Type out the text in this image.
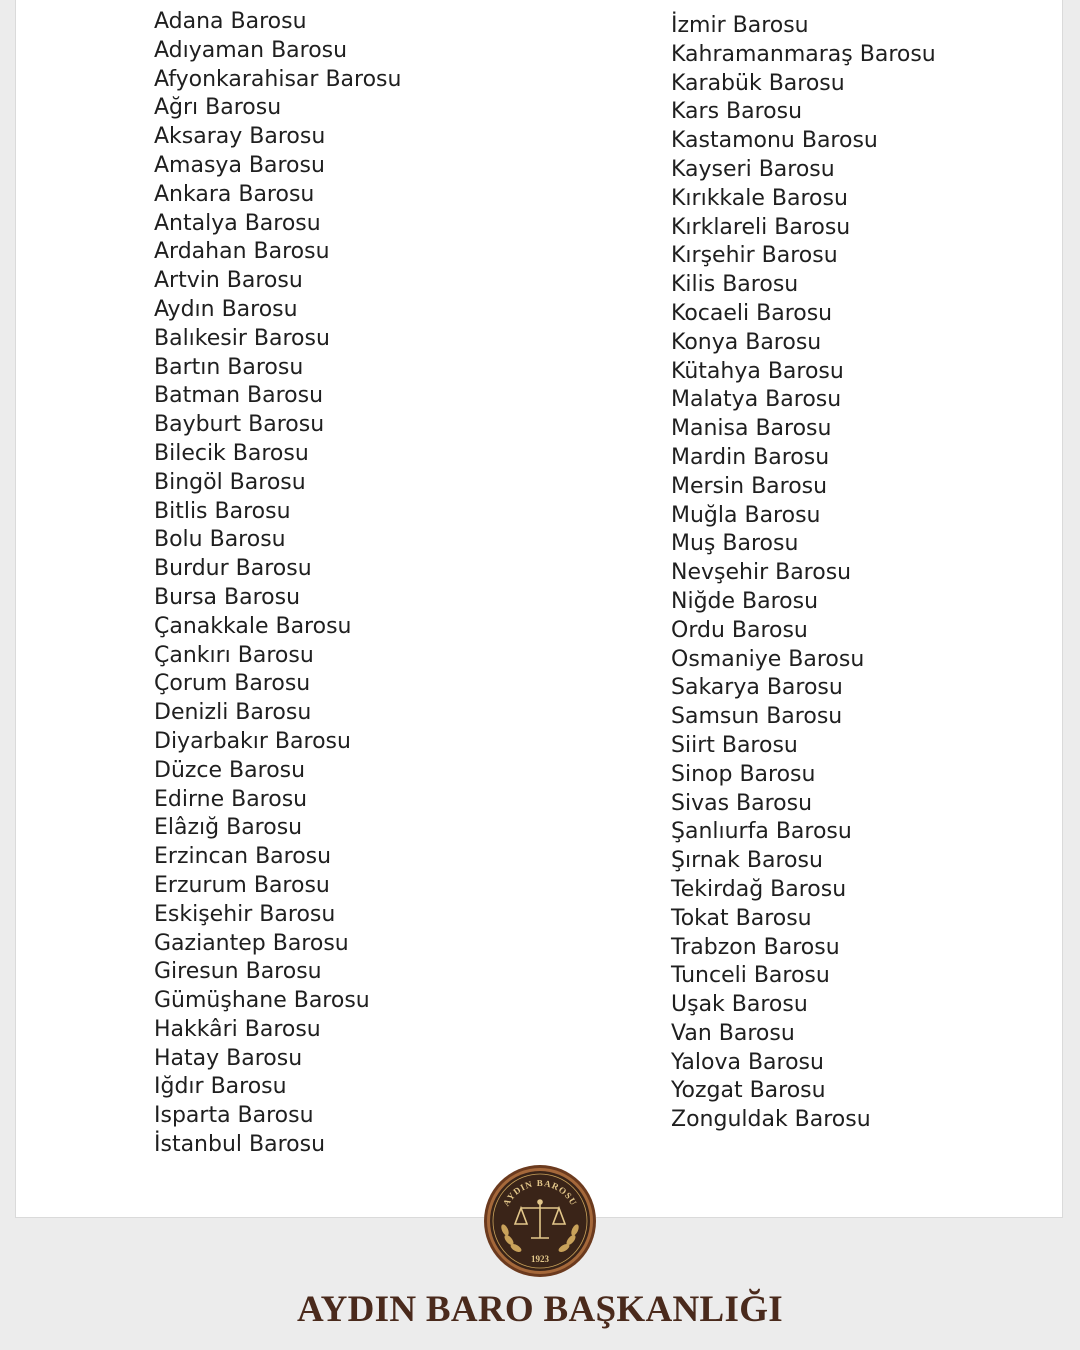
Adana Barosu
Adıyaman Barosu
Afyonkarahisar Barosu
Ağrı Barosu
Aksaray Barosu
Amasya Barosu
Ankara Barosu
Antalya Barosu
Ardahan Barosu
Artvin Barosu
Aydın Barosu
Balıkesir Barosu
Bartın Barosu
Batman Barosu
Bayburt Barosu
Bilecik Barosu
Bingöl Barosu
Bitlis Barosu
Bolu Barosu
Burdur Barosu
Bursa Barosu
Çanakkale Barosu
Çankırı Barosu
Çorum Barosu
Denizli Barosu
Diyarbakır Barosu
Düzce Barosu
Edirne Barosu
Elâzığ Barosu
Erzincan Barosu
Erzurum Barosu
Eskişehir Barosu
Gaziantep Barosu
Giresun Barosu
Gümüşhane Barosu
Hakkâri Barosu
Hatay Barosu
Iğdır Barosu
Isparta Barosu
İstanbul Barosu
İzmir Barosu
Kahramanmaraş Barosu
Karabük Barosu
Kars Barosu
Kastamonu Barosu
Kayseri Barosu
Kırıkkale Barosu
Kırklareli Barosu
Kırşehir Barosu
Kilis Barosu
Kocaeli Barosu
Konya Barosu
Kütahya Barosu
Malatya Barosu
Manisa Barosu
Mardin Barosu
Mersin Barosu
Muğla Barosu
Muş Barosu
Nevşehir Barosu
Niğde Barosu
Ordu Barosu
Osmaniye Barosu
Sakarya Barosu
Samsun Barosu
Siirt Barosu
Sinop Barosu
Sivas Barosu
Şanlıurfa Barosu
Şırnak Barosu
Tekirdağ Barosu
Tokat Barosu
Trabzon Barosu
Tunceli Barosu
Uşak Barosu
Van Barosu
Yalova Barosu
Yozgat Barosu
Zonguldak Barosu
AYDIN BAROSU
1923
AYDIN BARO BAŞKANLIĞI
